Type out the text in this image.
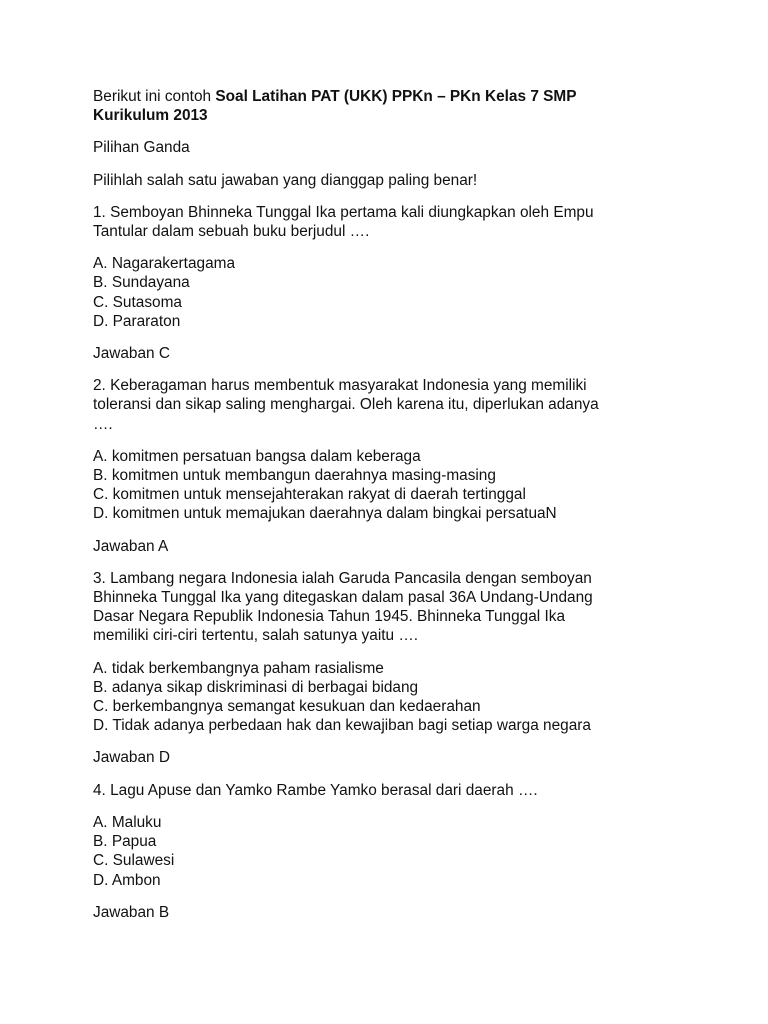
Berikut ini contoh Soal Latihan PAT (UKK) PPKn – PKn Kelas 7 SMP
Kurikulum 2013

Pilihan Ganda

Pilihlah salah satu jawaban yang dianggap paling benar!

1. Semboyan Bhinneka Tunggal Ika pertama kali diungkapkan oleh Empu
Tantular dalam sebuah buku berjudul ….

A. Nagarakertagama
B. Sundayana
C. Sutasoma
D. Pararaton

Jawaban C

2. Keberagaman harus membentuk masyarakat Indonesia yang memiliki
toleransi dan sikap saling menghargai. Oleh karena itu, diperlukan adanya
….

A. komitmen persatuan bangsa dalam keberaga
B. komitmen untuk membangun daerahnya masing-masing
C. komitmen untuk mensejahterakan rakyat di daerah tertinggal
D. komitmen untuk memajukan daerahnya dalam bingkai persatuaN

Jawaban A

3. Lambang negara Indonesia ialah Garuda Pancasila dengan semboyan
Bhinneka Tunggal Ika yang ditegaskan dalam pasal 36A Undang-Undang
Dasar Negara Republik Indonesia Tahun 1945. Bhinneka Tunggal Ika
memiliki ciri-ciri tertentu, salah satunya yaitu ….

A. tidak berkembangnya paham rasialisme
B. adanya sikap diskriminasi di berbagai bidang
C. berkembangnya semangat kesukuan dan kedaerahan
D. Tidak adanya perbedaan hak dan kewajiban bagi setiap warga negara

Jawaban D

4. Lagu Apuse dan Yamko Rambe Yamko berasal dari daerah ….

A. Maluku
B. Papua
C. Sulawesi
D. Ambon

Jawaban B
